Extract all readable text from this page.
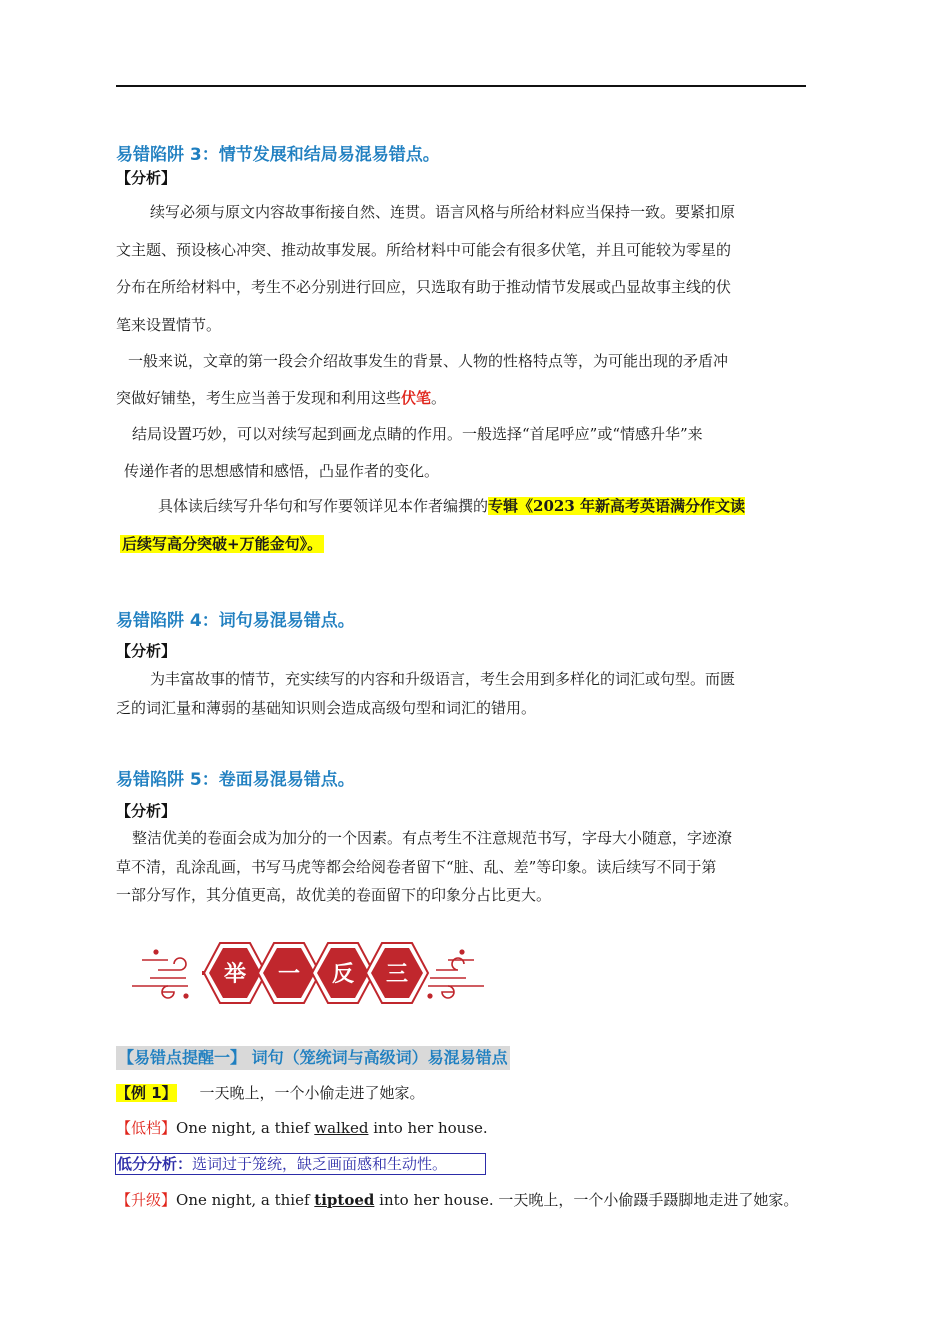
易错陷阱 3：情节发展和结局易混易错点。
【分析】
续写必须与原文内容故事衔接自然、连贯。语言风格与所给材料应当保持一致。要紧扣原
文主题、预设核心冲突、推动故事发展。所给材料中可能会有很多伏笔，并且可能较为零星的
分布在所给材料中，考生不必分别进行回应，只选取有助于推动情节发展或凸显故事主线的伏
笔来设置情节。
一般来说，文章的第一段会介绍故事发生的背景、人物的性格特点等，为可能出现的矛盾冲
突做好铺垫，考生应当善于发现和利用这些伏笔。
结局设置巧妙，可以对续写起到画龙点睛的作用。一般选择“首尾呼应”或“情感升华”来
传递作者的思想感情和感悟，凸显作者的变化。
具体读后续写升华句和写作要领详见本作者编撰的专辑《2023 年新高考英语满分作文读
后续写高分突破+万能金句》。
易错陷阱 4：词句易混易错点。
【分析】
为丰富故事的情节，充实续写的内容和升级语言，考生会用到多样化的词汇或句型。而匮
乏的词汇量和薄弱的基础知识则会造成高级句型和词汇的错用。
易错陷阱 5：卷面易混易错点。
【分析】
整洁优美的卷面会成为加分的一个因素。有点考生不注意规范书写，字母大小随意，字迹潦
草不清，乱涂乱画，书写马虎等都会给阅卷者留下“脏、乱、差”等印象。读后续写不同于第
一部分写作，其分值更高，故优美的卷面留下的印象分占比更大。
举 一 反 三
【易错点提醒一】 词句（笼统词与高级词）易混易错点
【例 1】 一天晚上，一个小偷走进了她家。
【低档】One night, a thief walked into her house.
低分分析：选词过于笼统，缺乏画面感和生动性。
【升级】One night, a thief tiptoed into her house. 一天晚上，一个小偷蹑手蹑脚地走进了她家。
